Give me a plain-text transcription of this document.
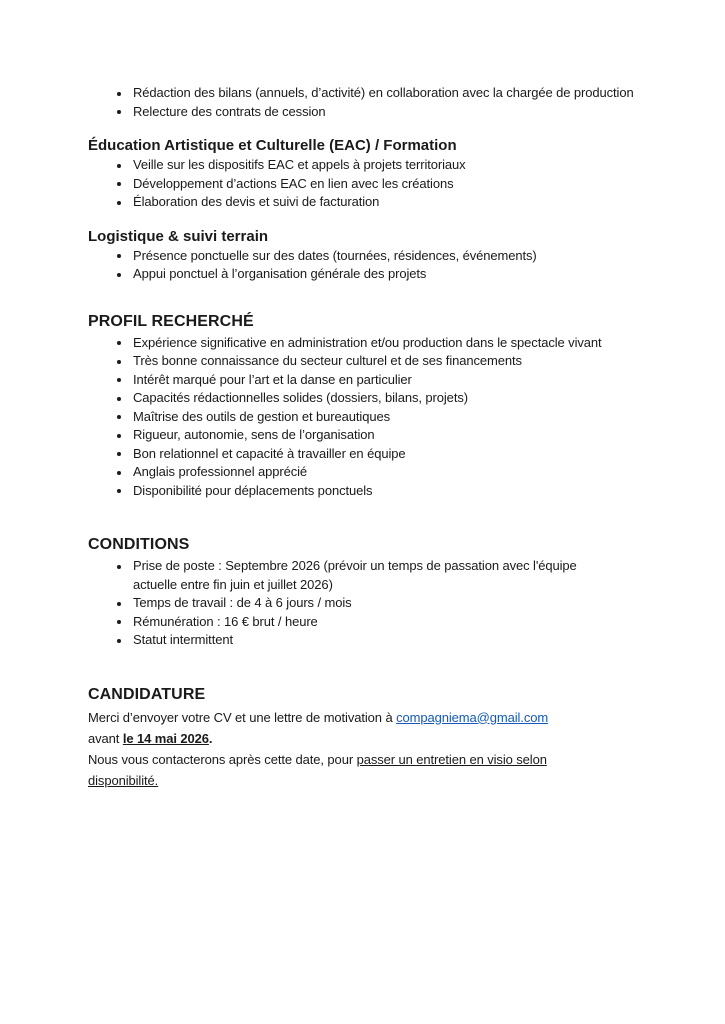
Rédaction des bilans (annuels, d’activité) en collaboration avec la chargée de production
Relecture des contrats de cession
Éducation Artistique et Culturelle (EAC) / Formation
Veille sur les dispositifs EAC et appels à projets territoriaux
Développement d’actions EAC en lien avec les créations
Élaboration des devis et suivi de facturation
Logistique & suivi terrain
Présence ponctuelle sur des dates (tournées, résidences, événements)
Appui ponctuel à l’organisation générale des projets
PROFIL RECHERCHÉ
Expérience significative en administration et/ou production dans le spectacle vivant
Très bonne connaissance du secteur culturel et de ses financements
Intérêt marqué pour l’art et la danse en particulier
Capacités rédactionnelles solides (dossiers, bilans, projets)
Maîtrise des outils de gestion et bureautiques
Rigueur, autonomie, sens de l’organisation
Bon relationnel et capacité à travailler en équipe
Anglais professionnel apprécié
Disponibilité pour déplacements ponctuels
CONDITIONS
Prise de poste : Septembre 2026 (prévoir un temps de passation avec l'équipe
actuelle entre fin juin et juillet 2026)
Temps de travail : de 4 à 6 jours / mois
Rémunération : 16 € brut / heure
Statut intermittent
CANDIDATURE
Merci d’envoyer votre CV et une lettre de motivation à compagniema@gmail.com
avant le 14 mai 2026.
Nous vous contacterons après cette date, pour passer un entretien en visio selon
disponibilité.
